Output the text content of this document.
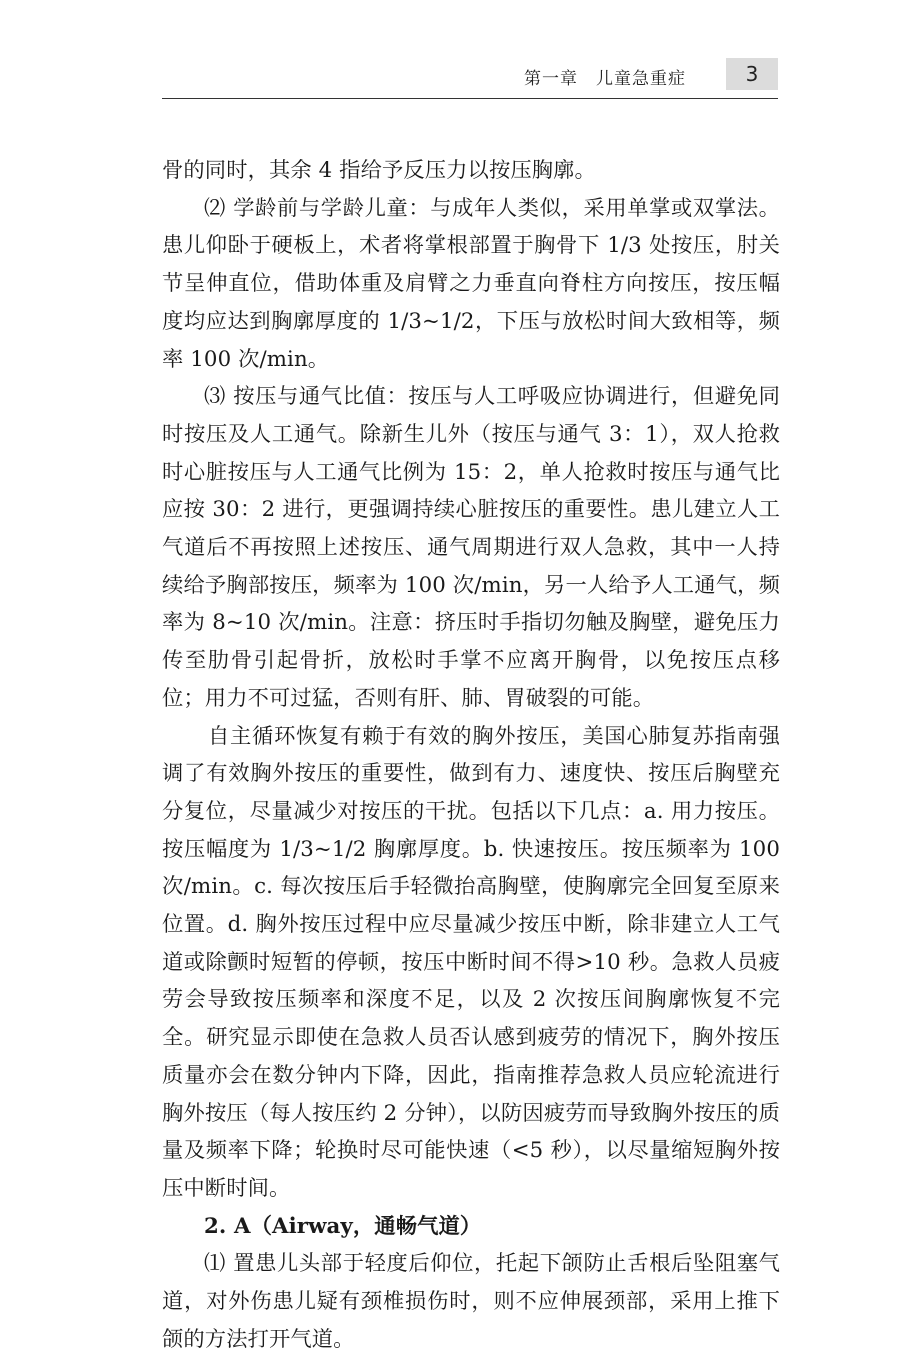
第一章　儿童急重症	3

骨的同时，其余 4 指给予反压力以按压胸廓。

⑵ 学龄前与学龄儿童：与成年人类似，采用单掌或双掌法。患儿仰卧于硬板上，术者将掌根部置于胸骨下 1/3 处按压，肘关节呈伸直位，借助体重及肩臂之力垂直向脊柱方向按压，按压幅度均应达到胸廓厚度的 1/3~1/2，下压与放松时间大致相等，频率 100 次/min。

⑶ 按压与通气比值：按压与人工呼吸应协调进行，但避免同时按压及人工通气。除新生儿外（按压与通气 3：1），双人抢救时心脏按压与人工通气比例为 15：2，单人抢救时按压与通气比应按 30：2 进行，更强调持续心脏按压的重要性。患儿建立人工气道后不再按照上述按压、通气周期进行双人急救，其中一人持续给予胸部按压，频率为 100 次/min，另一人给予人工通气，频率为 8~10 次/min。注意：挤压时手指切勿触及胸壁，避免压力传至肋骨引起骨折，放松时手掌不应离开胸骨，以免按压点移位；用力不可过猛，否则有肝、肺、胃破裂的可能。

自主循环恢复有赖于有效的胸外按压，美国心肺复苏指南强调了有效胸外按压的重要性，做到有力、速度快、按压后胸壁充分复位，尽量减少对按压的干扰。包括以下几点：a. 用力按压。按压幅度为 1/3~1/2 胸廓厚度。b. 快速按压。按压频率为 100 次/min。c. 每次按压后手轻微抬高胸壁，使胸廓完全回复至原来位置。d. 胸外按压过程中应尽量减少按压中断，除非建立人工气道或除颤时短暂的停顿，按压中断时间不得>10 秒。急救人员疲劳会导致按压频率和深度不足，以及 2 次按压间胸廓恢复不完全。研究显示即使在急救人员否认感到疲劳的情况下，胸外按压质量亦会在数分钟内下降，因此，指南推荐急救人员应轮流进行胸外按压（每人按压约 2 分钟），以防因疲劳而导致胸外按压的质量及频率下降；轮换时尽可能快速（<5 秒），以尽量缩短胸外按压中断时间。

2. A（Airway，通畅气道）

⑴ 置患儿头部于轻度后仰位，托起下颌防止舌根后坠阻塞气道，对外伤患儿疑有颈椎损伤时，则不应伸展颈部，采用上推下颌的方法打开气道。
